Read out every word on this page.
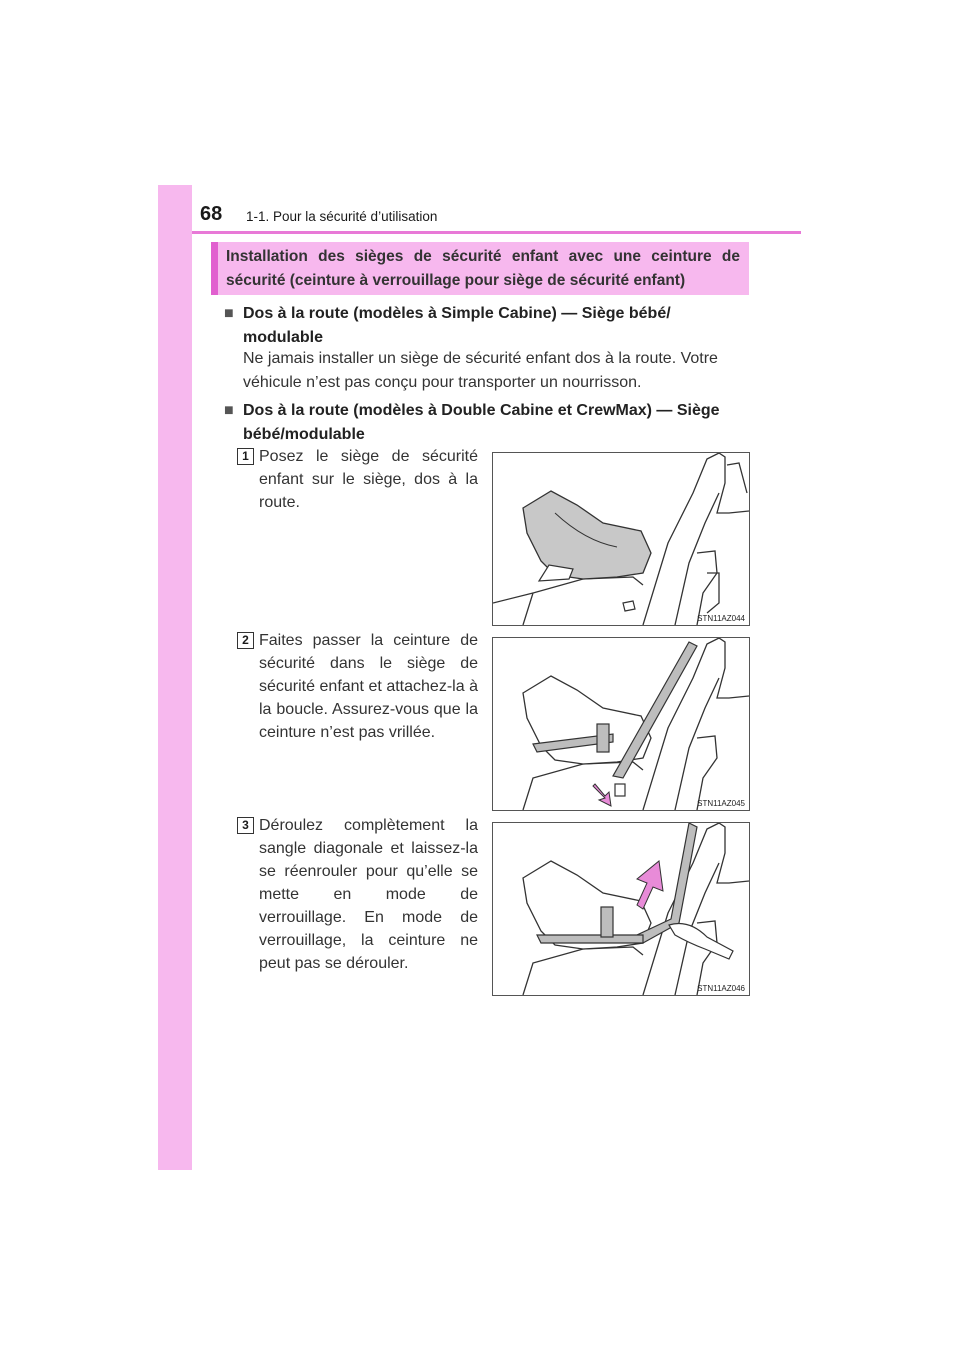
68 1-1. Pour la sécurité d’utilisation
Installation des sièges de sécurité enfant avec une ceinture de sécurité (ceinture à verrouillage pour siège de sécurité enfant)
■ Dos à la route (modèles à Simple Cabine) — Siège bébé/ modulable
Ne jamais installer un siège de sécurité enfant dos à la route. Votre véhicule n’est pas conçu pour transporter un nourrisson.
■ Dos à la route (modèles à Double Cabine et CrewMax) — Siège bébé/modulable
1 Posez le siège de sécurité enfant sur le siège, dos à la route.
STN11AZ044
2 Faites passer la ceinture de sécurité dans le siège de sécurité enfant et attachez-la à la boucle. Assurez-vous que la ceinture n’est pas vrillée.
STN11AZ045
3 Déroulez complètement la sangle diagonale et laissez-la se réenrouler pour qu’elle se mette en mode de verrouillage. En mode de verrouillage, la ceinture ne peut pas se dérouler.
STN11AZ046
